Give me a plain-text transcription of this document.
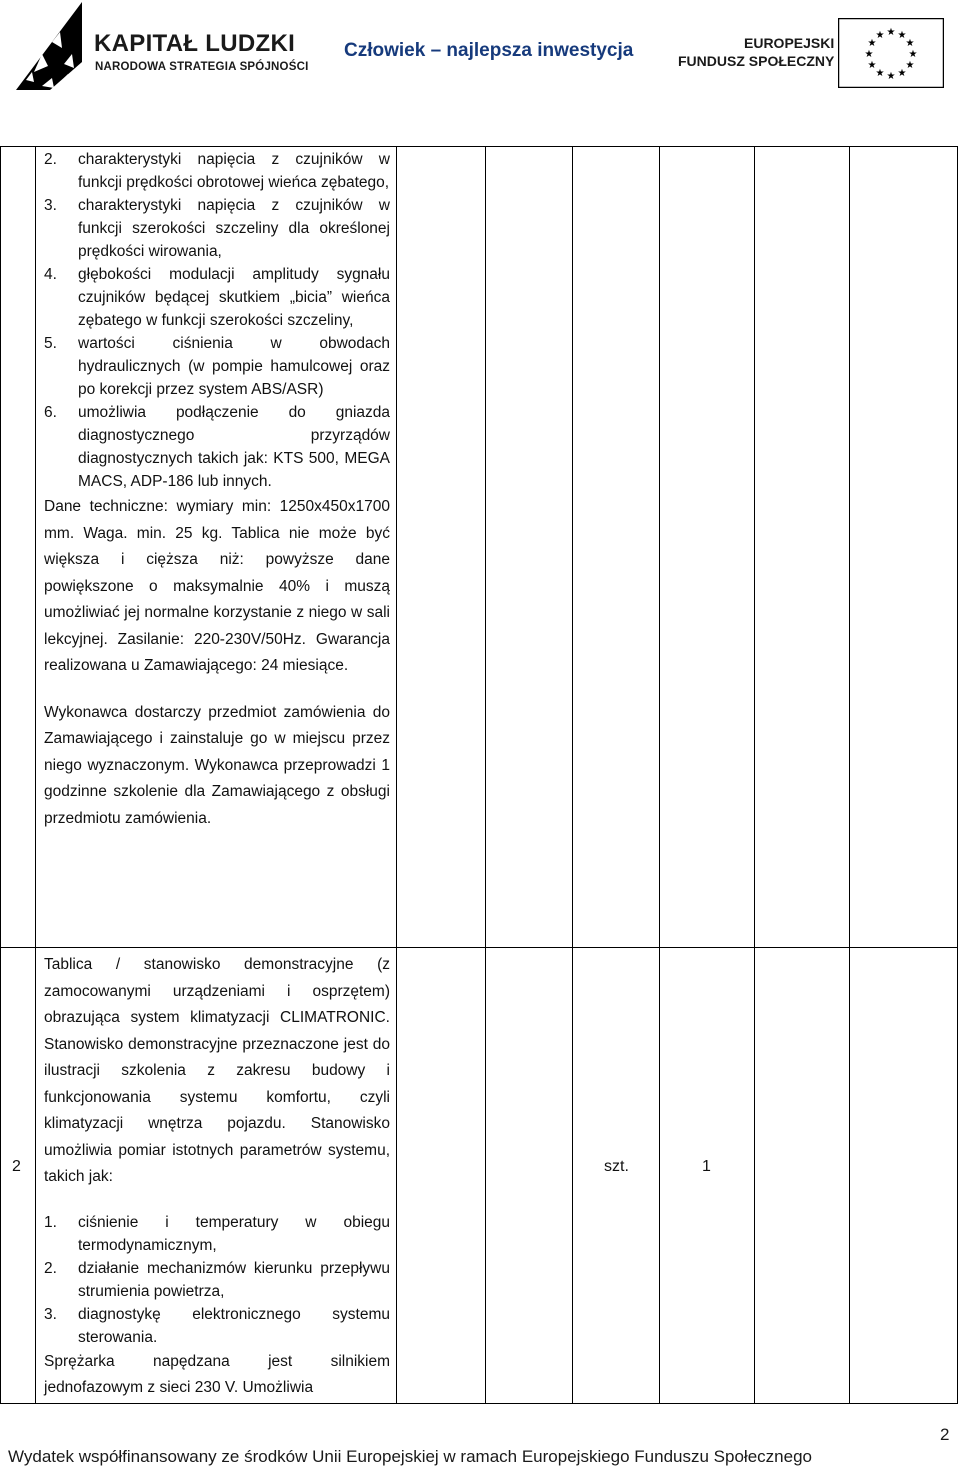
KAPITAŁ LUDZKI
NARODOWA STRATEGIA SPÓJNOŚCI
Człowiek – najlepsza inwestycja	EUROPEJSKI
FUNDUSZ SPOŁECZNY
★ ★
★
★
★
★
★
★
★
★
★
★
2. charakterystyki napięcia z czujników w funkcji prędkości obrotowej wieńca zębatego,
3. charakterystyki napięcia z czujników w funkcji szerokości szczeliny dla określonej prędkości wirowania,
4. głębokości modulacji amplitudy sygnału czujników będącej skutkiem „bicia” wieńca zębatego w funkcji szerokości szczeliny,
5. wartości ciśnienia w obwodach hydraulicznych (w pompie hamulcowej oraz po korekcji przez system ABS/ASR)
6. umożliwia podłączenie do gniazda diagnostycznego przyrządów diagnostycznych takich jak: KTS 500, MEGA MACS, ADP-186 lub innych.
Dane techniczne: wymiary min: 1250x450x1700 mm. Waga. min. 25 kg. Tablica nie może być większa i cięższa niż: powyższe dane powiększone o maksymalnie 40% i muszą umożliwiać jej normalne korzystanie z niego w sali lekcyjnej. Zasilanie: 220-230V/50Hz. Gwarancja realizowana u Zamawiającego: 24 miesiące.
Wykonawca dostarczy przedmiot zamówienia do Zamawiającego i zainstaluje go w miejscu przez niego wyznaczonym. Wykonawca przeprowadzi 1 godzinne szkolenie dla Zamawiającego z obsługi przedmiotu zamówienia.
2
Tablica / stanowisko demonstracyjne (z zamocowanymi urządzeniami i osprzętem) obrazująca system klimatyzacji CLIMATRONIC. Stanowisko demonstracyjne przeznaczone jest do ilustracji szkolenia z zakresu budowy i funkcjonowania systemu komfortu, czyli klimatyzacji wnętrza pojazdu. Stanowisko umożliwia pomiar istotnych parametrów systemu, takich jak:
1. ciśnienie i temperatury w obiegu termodynamicznym,
2. działanie mechanizmów kierunku przepływu strumienia powietrza,
3. diagnostykę elektronicznego systemu sterowania.
Sprężarka napędzana jest silnikiem jednofazowym z sieci 230 V. Umożliwia
szt.	1
2
Wydatek współfinansowany ze środków Unii Europejskiej w ramach Europejskiego Funduszu Społecznego
